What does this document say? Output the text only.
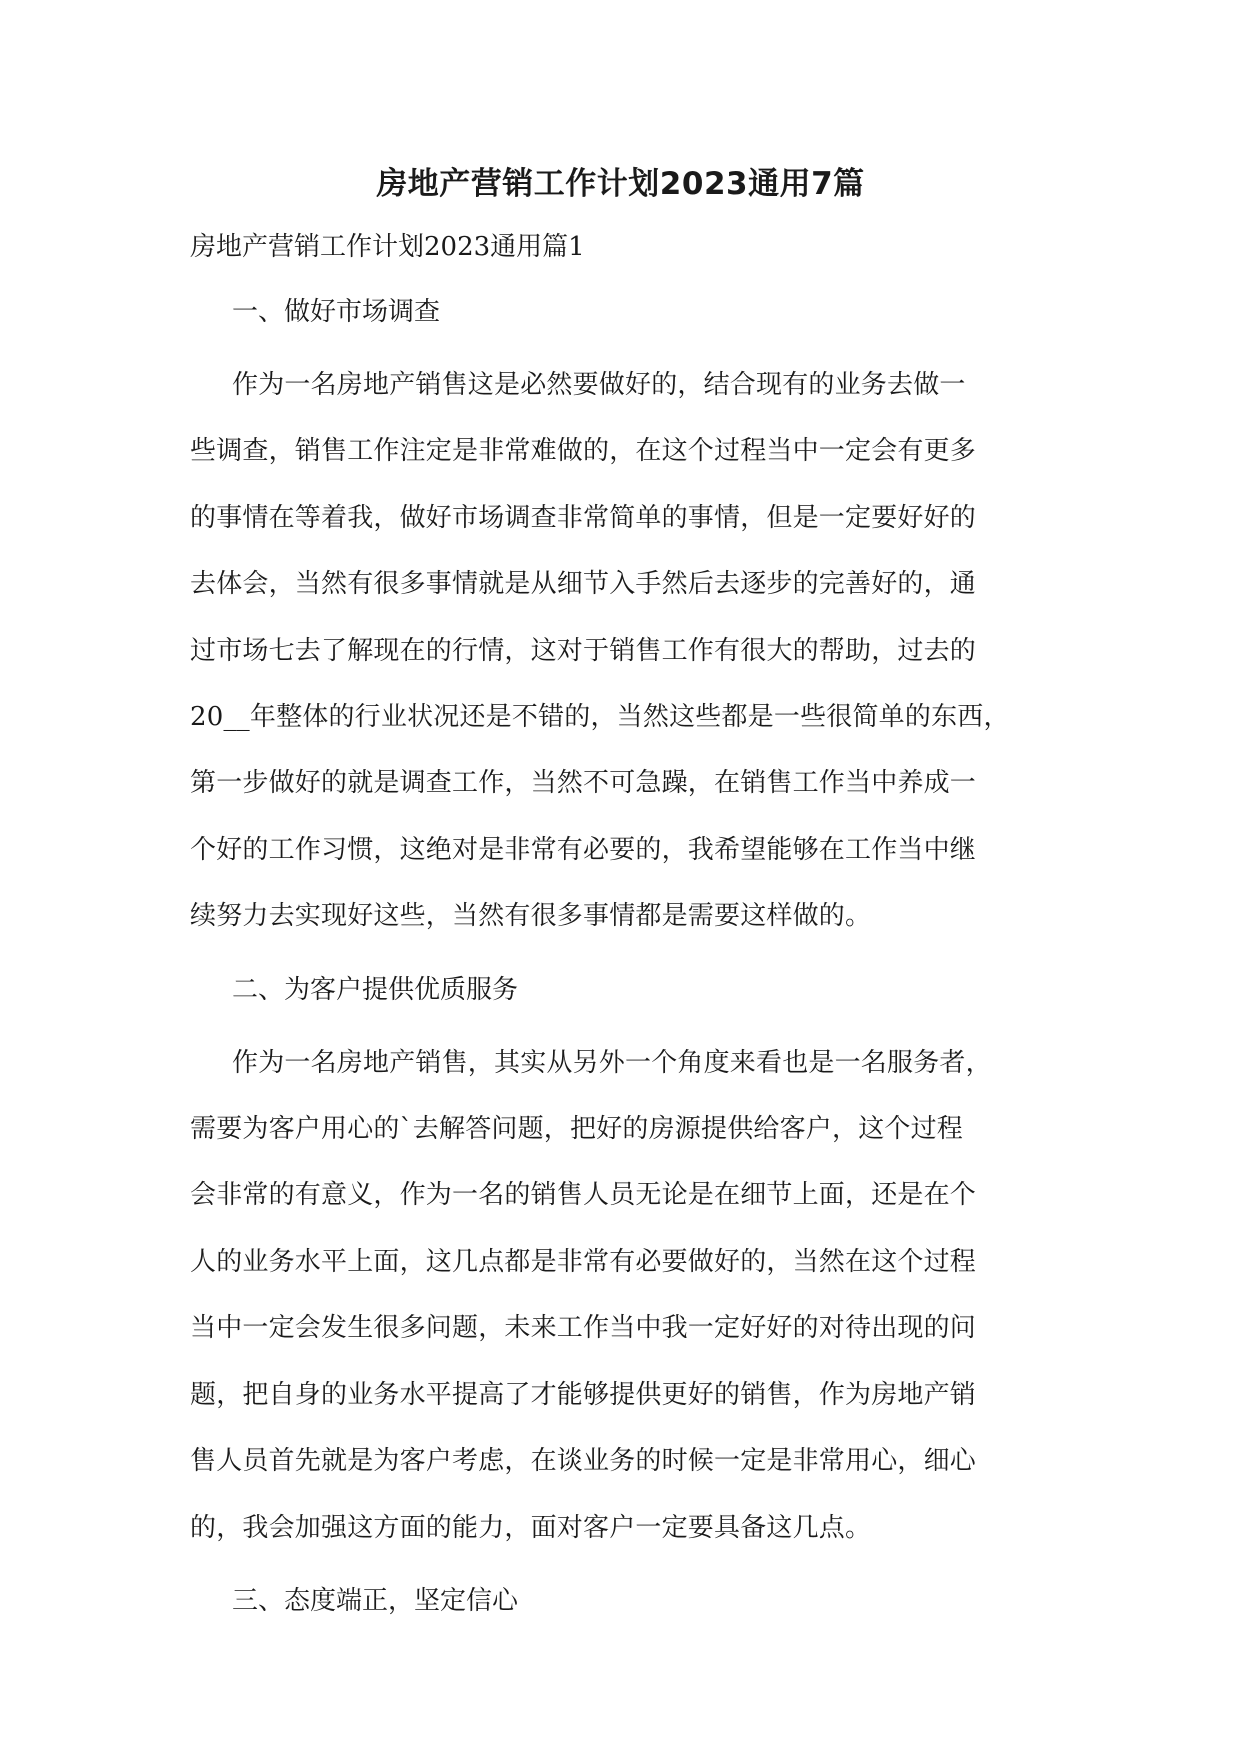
房地产营销工作计划2023通用7篇
房地产营销工作计划2023通用篇1
一、做好市场调查
作为一名房地产销售这是必然要做好的，结合现有的业务去做一
些调查，销售工作注定是非常难做的，在这个过程当中一定会有更多
的事情在等着我，做好市场调查非常简单的事情，但是一定要好好的
去体会，当然有很多事情就是从细节入手然后去逐步的完善好的，通
过市场七去了解现在的行情，这对于销售工作有很大的帮助，过去的
20__年整体的行业状况还是不错的，当然这些都是一些很简单的东西，
第一步做好的就是调查工作，当然不可急躁，在销售工作当中养成一
个好的工作习惯，这绝对是非常有必要的，我希望能够在工作当中继
续努力去实现好这些，当然有很多事情都是需要这样做的。
二、为客户提供优质服务
作为一名房地产销售，其实从另外一个角度来看也是一名服务者，
需要为客户用心的`去解答问题，把好的房源提供给客户，这个过程
会非常的有意义，作为一名的销售人员无论是在细节上面，还是在个
人的业务水平上面，这几点都是非常有必要做好的，当然在这个过程
当中一定会发生很多问题，未来工作当中我一定好好的对待出现的问
题，把自身的业务水平提高了才能够提供更好的销售，作为房地产销
售人员首先就是为客户考虑，在谈业务的时候一定是非常用心，细心
的，我会加强这方面的能力，面对客户一定要具备这几点。
三、态度端正，坚定信心
